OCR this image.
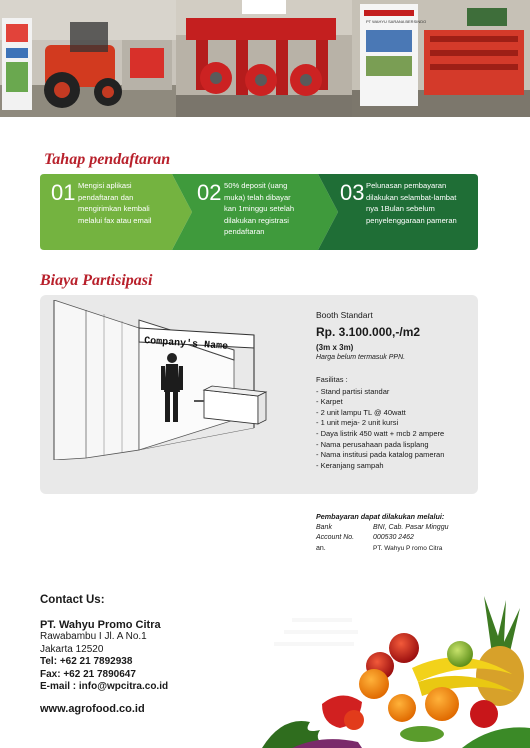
PT WAHYU SARANA BERSINDO
Tahap pendaftaran
01 Mengisi aplikasi pendaftaran dan mengirimkan kembali melalui fax atau email
02 50% deposit (uang muka) telah dibayar kan 1minggu setelah dilakukan registrasi pendaftaran
03 Pelunasan pembayaran dilakukan selambat-lambat nya 1Bulan sebelum penyelenggaraan pameran
Biaya Partisipasi
Company's Name
Booth Standart
Rp. 3.100.000,-/m2
(3m x 3m)
Harga belum termasuk PPN.
Fasilitas :
- Stand partisi standar
- Karpet
- 2 unit lampu TL @ 40watt
- 1 unit meja- 2 unit kursi
- Daya listrik 450 watt + mcb 2 ampere
- Nama perusahaan pada lisplang
- Nama institusi pada katalog pameran
- Keranjang sampah
Pembayaran dapat dilakukan melalui:
Bank	BNI, Cab. Pasar Minggu
Account No.	000530 2462
an.	PT. Wahyu P romo Citra
Contact Us:
PT. Wahyu Promo Citra
Rawabambu I Jl. A No.1
Jakarta 12520
Tel: +62 21 7892938
Fax: +62 21 7890647
E-mail : info@wpcitra.co.id
www.agrofood.co.id
